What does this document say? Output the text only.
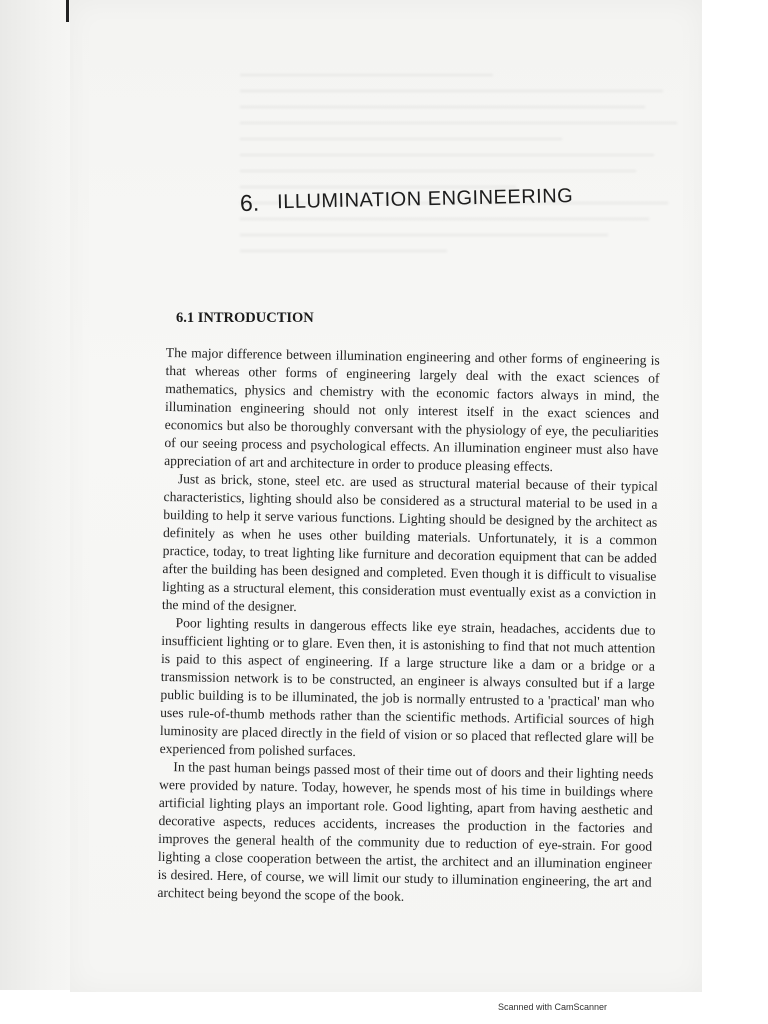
6. ILLUMINATION ENGINEERING
6.1 INTRODUCTION

The major difference between illumination engineering and other forms of engineering is that whereas other forms of engineering largely deal with the exact sciences of mathematics, physics and chemistry with the economic factors always in mind, the illumination engineering should not only interest itself in the exact sciences and economics but also be thoroughly conversant with the physiology of eye, the peculiarities of our seeing process and psychological effects. An illumination engineer must also have appreciation of art and architecture in order to produce pleasing effects.

Just as brick, stone, steel etc. are used as structural material because of their typical characteristics, lighting should also be considered as a structural material to be used in a building to help it serve various functions. Lighting should be designed by the architect as definitely as when he uses other building materials. Unfortunately, it is a common practice, today, to treat lighting like furniture and decoration equipment that can be added after the building has been designed and completed. Even though it is difficult to visualise lighting as a structural element, this consideration must eventually exist as a conviction in the mind of the designer.

Poor lighting results in dangerous effects like eye strain, headaches, accidents due to insufficient lighting or to glare. Even then, it is astonishing to find that not much attention is paid to this aspect of engineering. If a large structure like a dam or a bridge or a transmission network is to be constructed, an engineer is always consulted but if a large public building is to be illuminated, the job is normally entrusted to a 'practical' man who uses rule-of-thumb methods rather than the scientific methods. Artificial sources of high luminosity are placed directly in the field of vision or so placed that reflected glare will be experienced from polished surfaces.

In the past human beings passed most of their time out of doors and their lighting needs were provided by nature. Today, however, he spends most of his time in buildings where artificial lighting plays an important role. Good lighting, apart from having aesthetic and decorative aspects, reduces accidents, increases the production in the factories and improves the general health of the community due to reduction of eye-strain. For good lighting a close cooperation between the artist, the architect and an illumination engineer is desired. Here, of course, we will limit our study to illumination engineering, the art and architect being beyond the scope of the book.

Scanned with CamScanner
